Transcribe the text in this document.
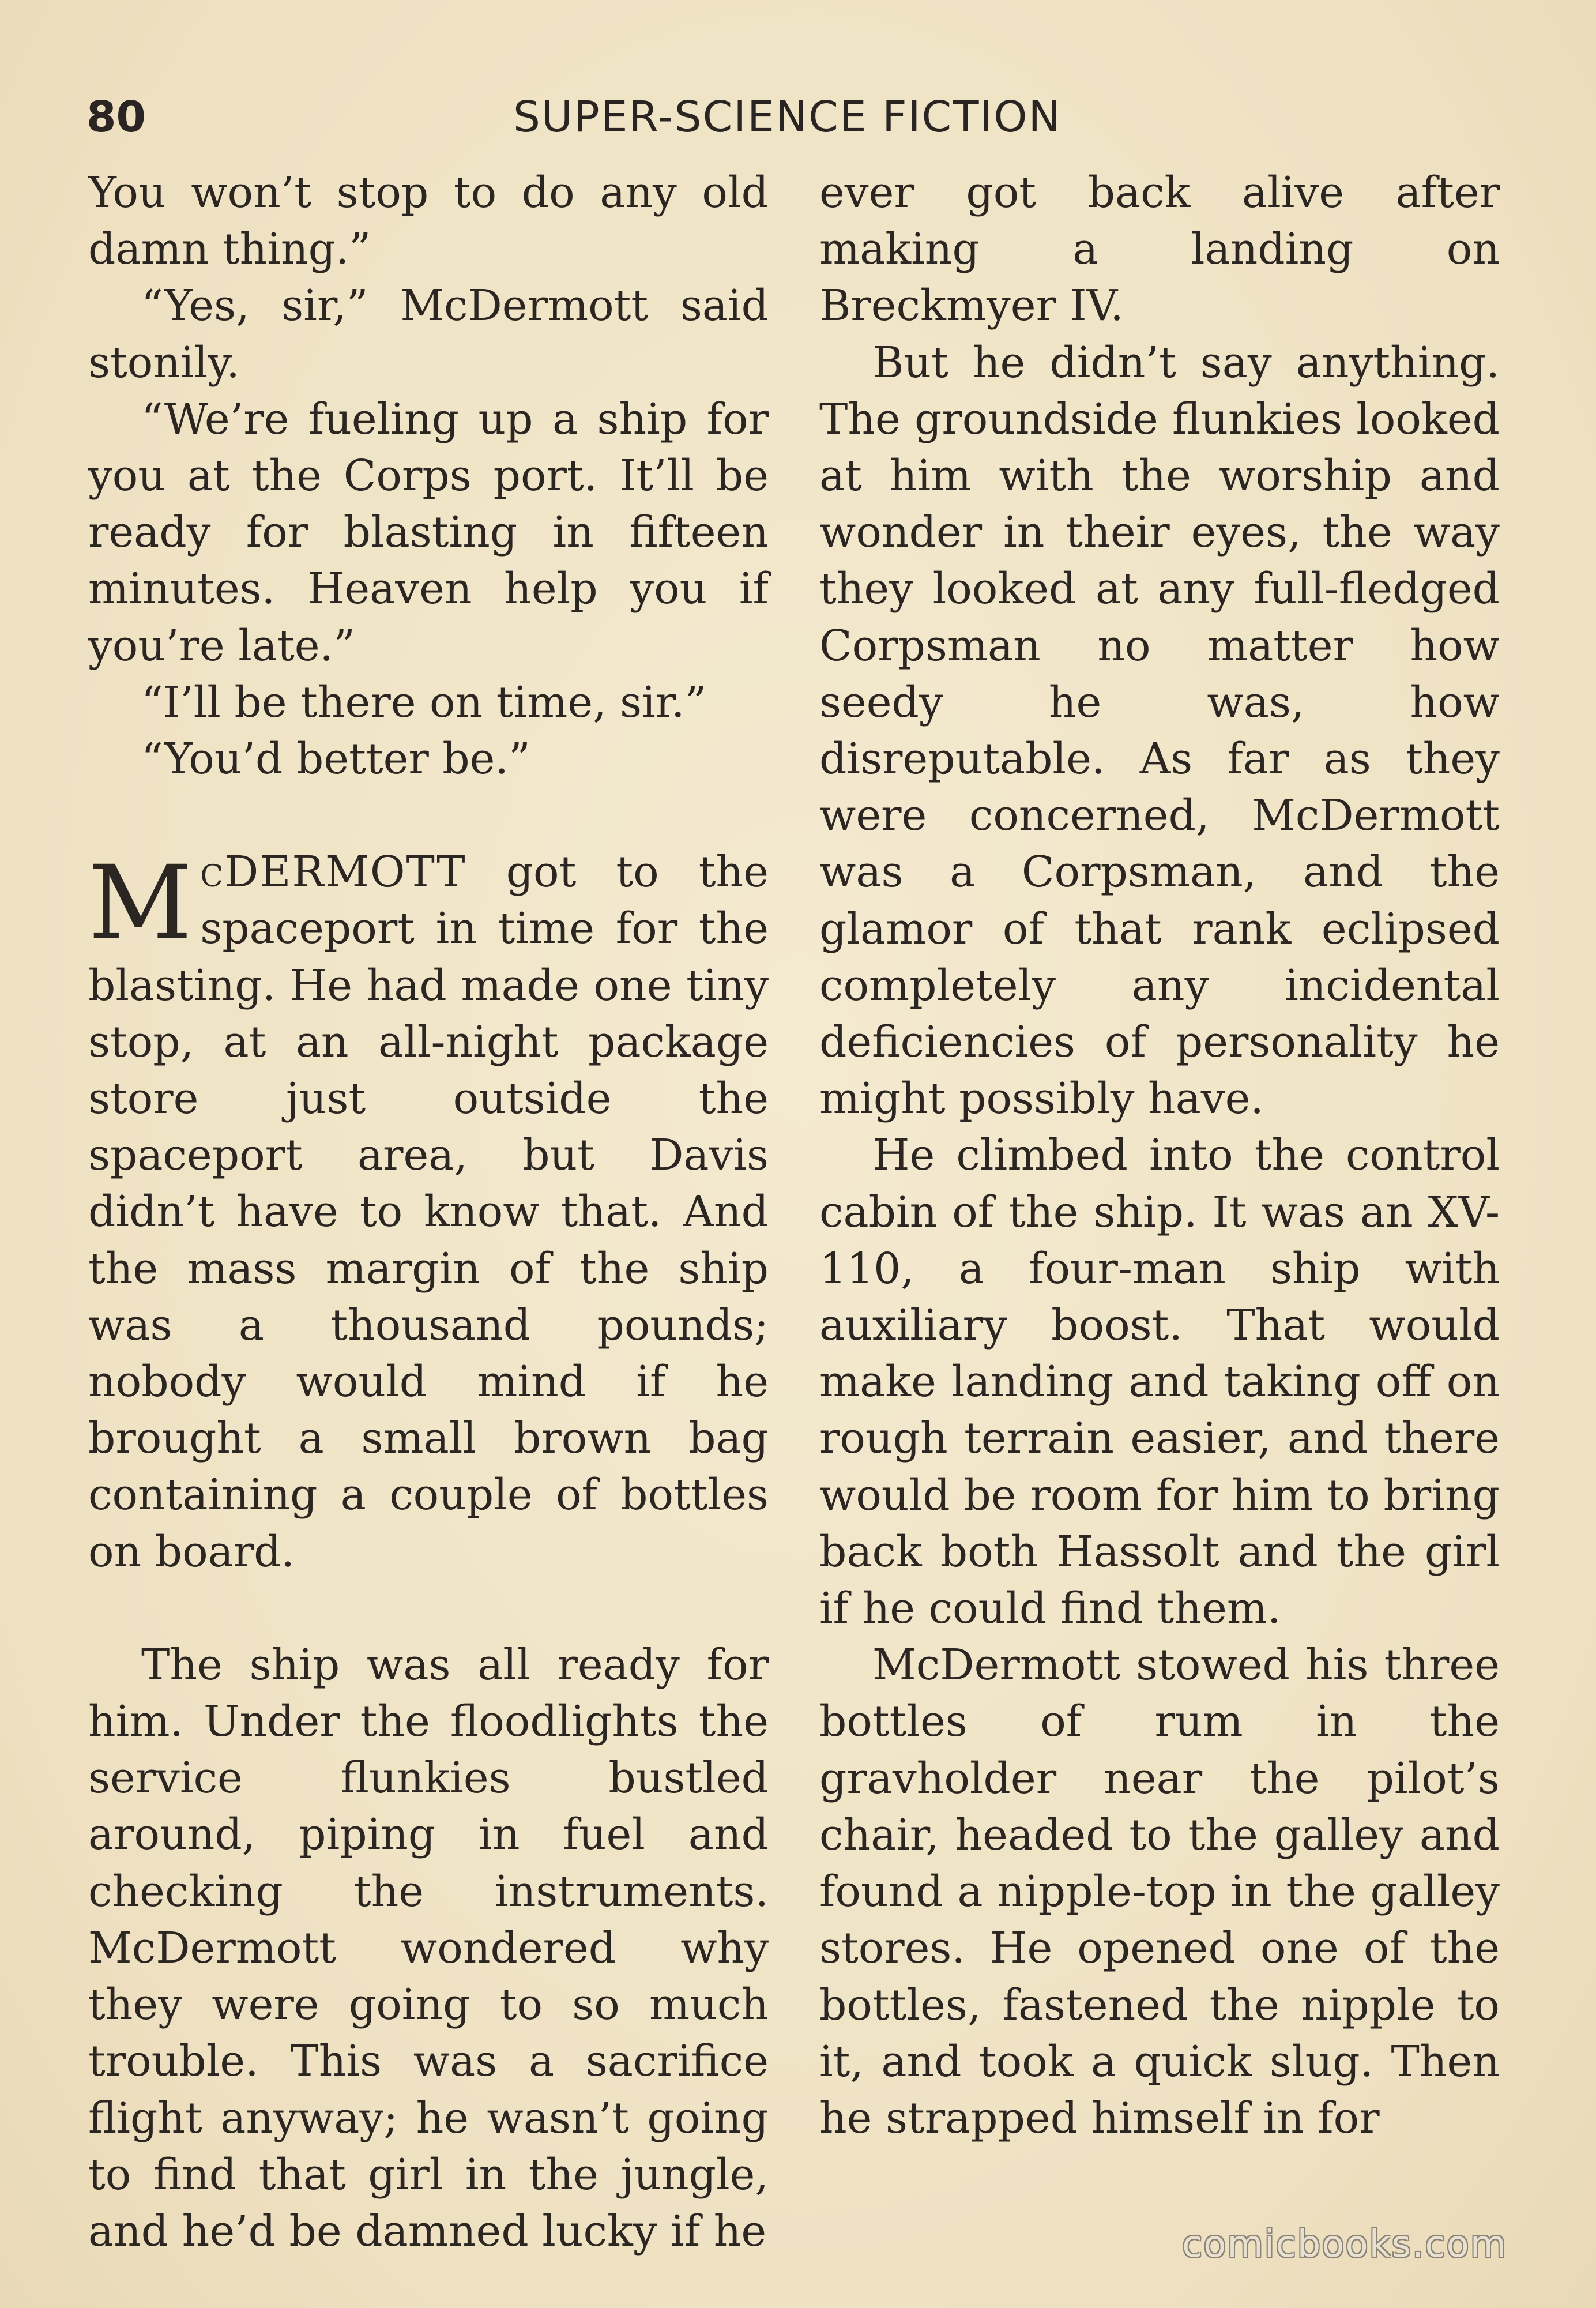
80	SUPER-SCIENCE FICTION

You won’t stop to do any old damn thing.”

“Yes, sir,” McDermott said stonily.

“We’re fueling up a ship for you at the Corps port. It’ll be ready for blasting in fifteen minutes. Heaven help you if you’re late.”

“I’ll be there on time, sir.”

“You’d better be.”

McDERMOTT got to the spaceport in time for the blasting. He had made one tiny stop, at an all-night package store just outside the spaceport area, but Davis didn’t have to know that. And the mass margin of the ship was a thousand pounds; nobody would mind if he brought a small brown bag containing a couple of bottles on board.

The ship was all ready for him. Under the floodlights the service flunkies bustled around, piping in fuel and checking the instruments. McDermott wondered why they were going to so much trouble. This was a sacrifice flight anyway; he wasn’t going to find that girl in the jungle, and he’d be damned lucky if he

ever got back alive after making a landing on Breckmyer IV.

But he didn’t say anything. The groundside flunkies looked at him with the worship and wonder in their eyes, the way they looked at any full-fledged Corpsman no matter how seedy he was, how disreputable. As far as they were concerned, McDermott was a Corpsman, and the glamor of that rank eclipsed completely any incidental deficiencies of personality he might possibly have.

He climbed into the control cabin of the ship. It was an XV-110, a four-man ship with auxiliary boost. That would make landing and taking off on rough terrain easier, and there would be room for him to bring back both Hassolt and the girl if he could find them.

McDermott stowed his three bottles of rum in the gravholder near the pilot’s chair, headed to the galley and found a nipple-top in the galley stores. He opened one of the bottles, fastened the nipple to it, and took a quick slug. Then he strapped himself in for

comicbooks.com
